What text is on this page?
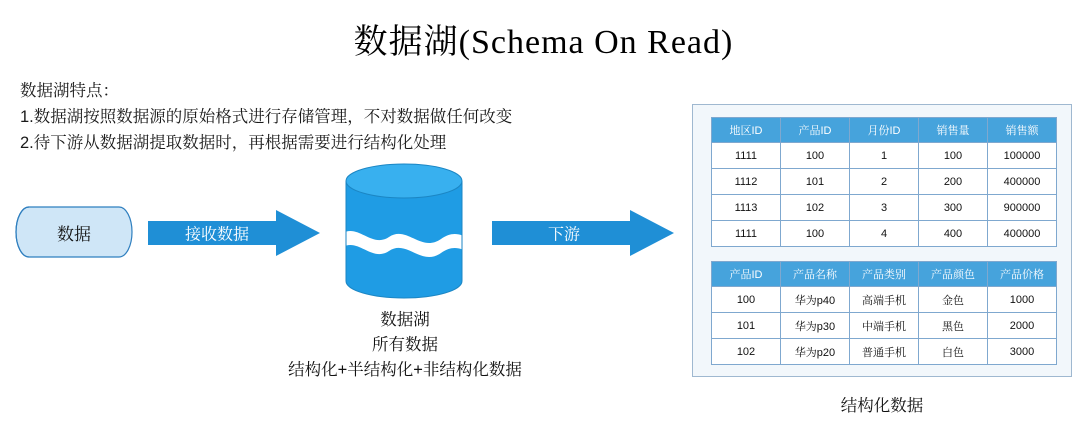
数据湖(Schema On Read)
数据湖特点：
1.数据湖按照数据源的原始格式进行存储管理，不对数据做任何改变
2.待下游从数据湖提取数据时，再根据需要进行结构化处理
数据	接收数据
数据湖
所有数据
结构化+半结构化+非结构化数据
下游
地区ID	产品ID	月份ID	销售量	销售额
1111	100	1	100	100000
1112	101	2	200	400000
1113	102	3	300	900000
1111	100	4	400	400000
产品ID	产品名称	产品类别	产品颜色	产品价格
100	华为p40	高端手机	金色	1000
101	华为p30	中端手机	黑色	2000
102	华为p20	普通手机	白色	3000
结构化数据
